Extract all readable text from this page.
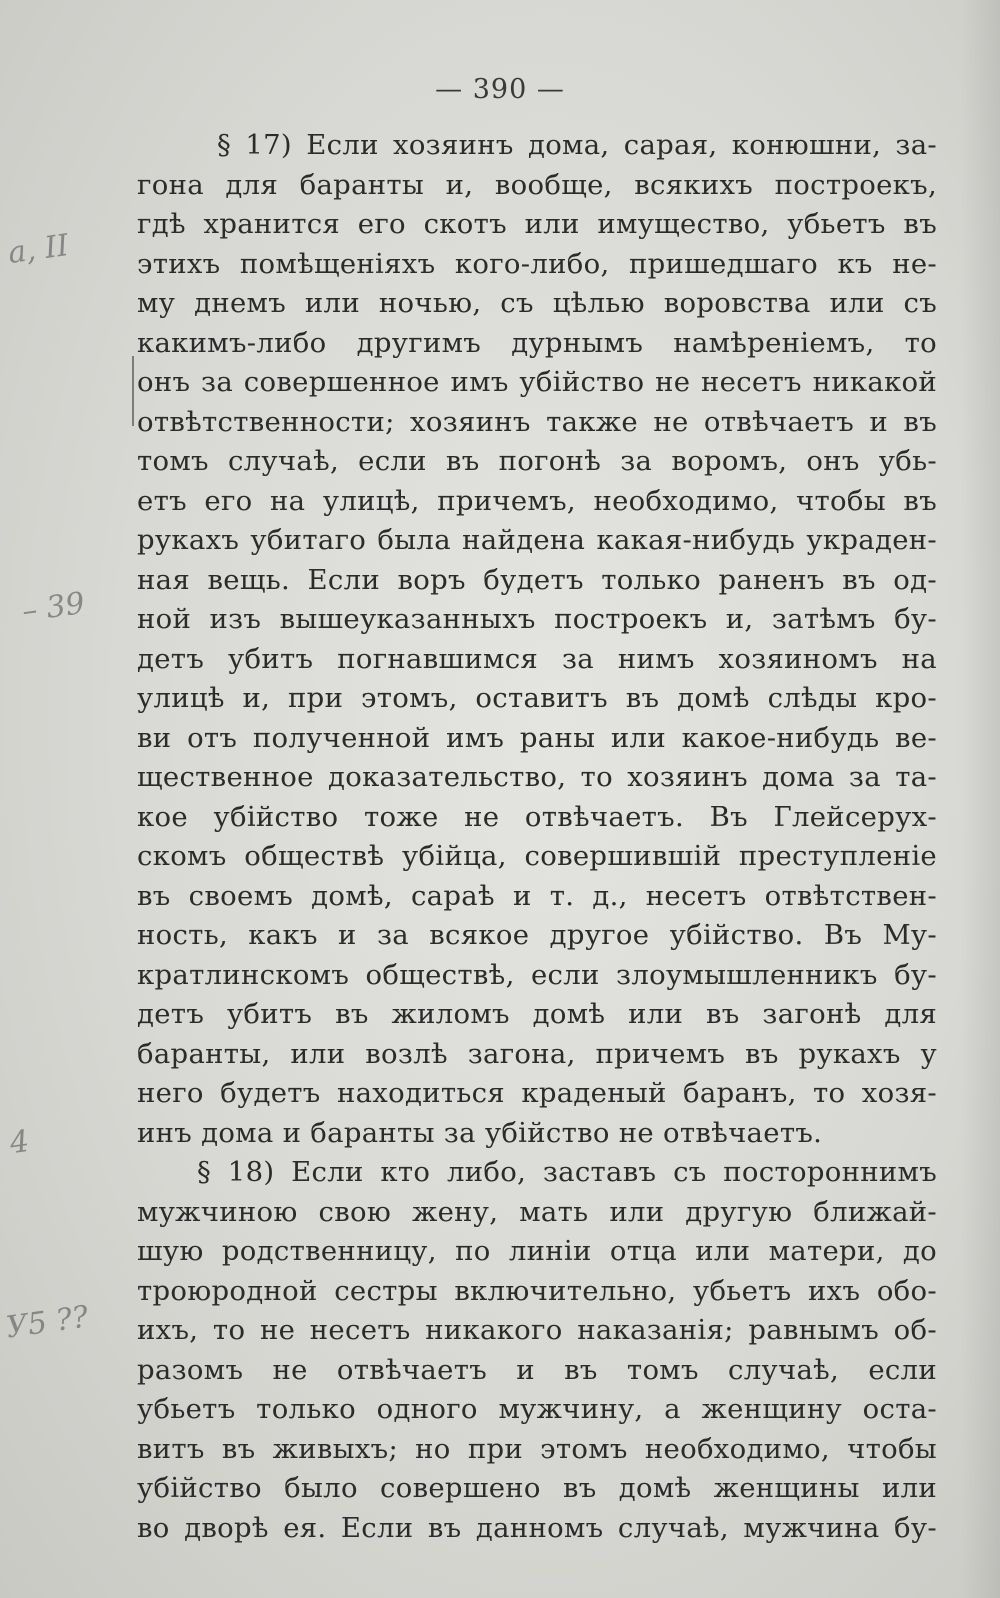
— 390 —
а, II
– 39
4
У5 ??
§ 17) Если хозяинъ дома, сарая, конюшни, за-
гона для баранты и, вообще, всякихъ построекъ,
гдѣ хранится его скотъ или имущество, убьетъ въ
этихъ помѣщеніяхъ кого-либо, пришедшаго къ не-
му днемъ или ночью, съ цѣлью воровства или съ
какимъ-либо другимъ дурнымъ намѣреніемъ, то
онъ за совершенное имъ убійство не несетъ никакой
отвѣтственности; хозяинъ также не отвѣчаетъ и въ
томъ случаѣ, если въ погонѣ за воромъ, онъ убь-
етъ его на улицѣ, причемъ, необходимо, чтобы въ
рукахъ убитаго была найдена какая-нибудь украден-
ная вещь. Если воръ будетъ только раненъ въ од-
ной изъ вышеуказанныхъ построекъ и, затѣмъ бу-
детъ убитъ погнавшимся за нимъ хозяиномъ на
улицѣ и, при этомъ, оставитъ въ домѣ слѣды кро-
ви отъ полученной имъ раны или какое-нибудь ве-
щественное доказательство, то хозяинъ дома за та-
кое убійство тоже не отвѣчаетъ. Въ Глейсерух-
скомъ обществѣ убійца, совершившій преступленіе
въ своемъ домѣ, сараѣ и т. д., несетъ отвѣтствен-
ность, какъ и за всякое другое убійство. Въ Му-
кратлинскомъ обществѣ, если злоумышленникъ бу-
детъ убитъ въ жиломъ домѣ или въ загонѣ для
баранты, или возлѣ загона, причемъ въ рукахъ у
него будетъ находиться краденый баранъ, то хозя-
инъ дома и баранты за убійство не отвѣчаетъ.
§ 18) Если кто либо, заставъ съ постороннимъ
мужчиною свою жену, мать или другую ближай-
шую родственницу, по линіи отца или матери, до
троюродной сестры включительно, убьетъ ихъ обо-
ихъ, то не несетъ никакого наказанія; равнымъ об-
разомъ не отвѣчаетъ и въ томъ случаѣ, если
убьетъ только одного мужчину, а женщину оста-
витъ въ живыхъ; но при этомъ необходимо, чтобы
убійство было совершено въ домѣ женщины или
во дворѣ ея. Если въ данномъ случаѣ, мужчина бу-
